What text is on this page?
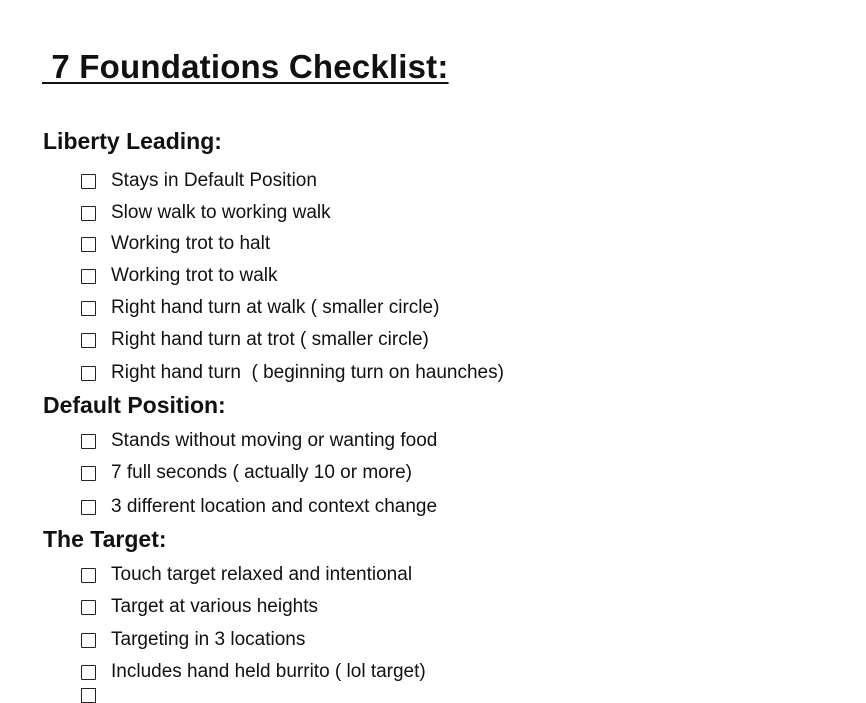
7 Foundations Checklist:
Liberty Leading:
Stays in Default Position
Slow walk to working walk
Working trot to halt
Working trot to walk
Right hand turn at walk ( smaller circle)
Right hand turn at trot ( smaller circle)
Right hand turn  ( beginning turn on haunches)
Default Position:
Stands without moving or wanting food
7 full seconds ( actually 10 or more)
3 different location and context change
The Target:
Touch target relaxed and intentional
Target at various heights
Targeting in 3 locations
Includes hand held burrito ( lol target)
